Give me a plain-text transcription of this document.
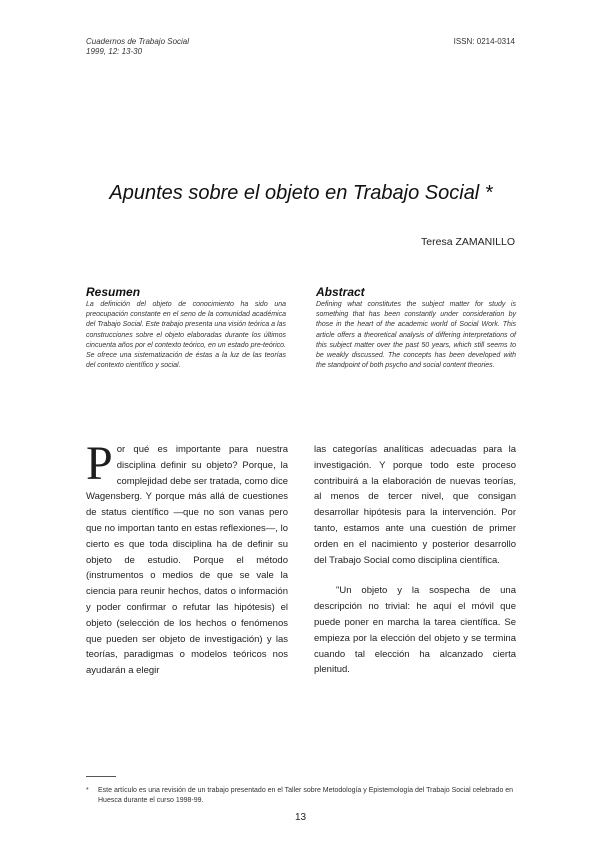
Cuadernos de Trabajo Social
1999, 12: 13-30
ISSN: 0214-0314
Apuntes sobre el objeto en Trabajo Social *
Teresa ZAMANILLO
Resumen
La definición del objeto de conocimiento ha sido una preocupación constante en el seno de la comunidad académica del Trabajo Social. Este trabajo presenta una visión teórica a las construcciones sobre el objeto elaboradas durante los últimos cincuenta años por el contexto teórico, en un estado pre-teórico. Se ofrece una sistematización de éstas a la luz de las teorías del contexto científico y social.
Abstract
Defining what constitutes the subject matter for study is something that has been constantly under consideration by those in the heart of the academic world of Social Work. This article offers a theoretical analysis of differing interpretations of this subject matter over the past 50 years, which still seems to be weakly discussed. The concepts has been developed with the standpoint of both psycho and social content theories.

Por qué es importante para nuestra disciplina definir su objeto? Porque, la complejidad debe ser tratada, como dice Wagensberg. Y porque más allá de cuestiones de status científico —que no son vanas pero que no importan tanto en estas reflexiones—, lo cierto es que toda disciplina ha de definir su objeto de estudio. Porque el método (instrumentos o medios de que se vale la ciencia para reunir hechos, datos o información y poder confirmar o refutar las hipótesis) el objeto (selección de los hechos o fenómenos que pueden ser objeto de investigación) y las teorías, paradigmas o modelos teóricos nos ayudarán a elegir

las categorías analíticas adecuadas para la investigación. Y porque todo este proceso contribuirá a la elaboración de nuevas teorías, al menos de tercer nivel, que consigan desarrollar hipótesis para la intervención. Por tanto, estamos ante una cuestión de primer orden en el nacimiento y posterior desarrollo del Trabajo Social como disciplina científica.

"Un objeto y la sospecha de una descripción no trivial: he aquí el móvil que puede poner en marcha la tarea científica. Se empieza por la elección del objeto y se termina cuando tal elección ha alcanzado cierta plenitud.

*	Este artículo es una revisión de un trabajo presentado en el Taller sobre Metodología y Epistemología del Trabajo Social celebrado en Huesca durante el curso 1998-99.
13
